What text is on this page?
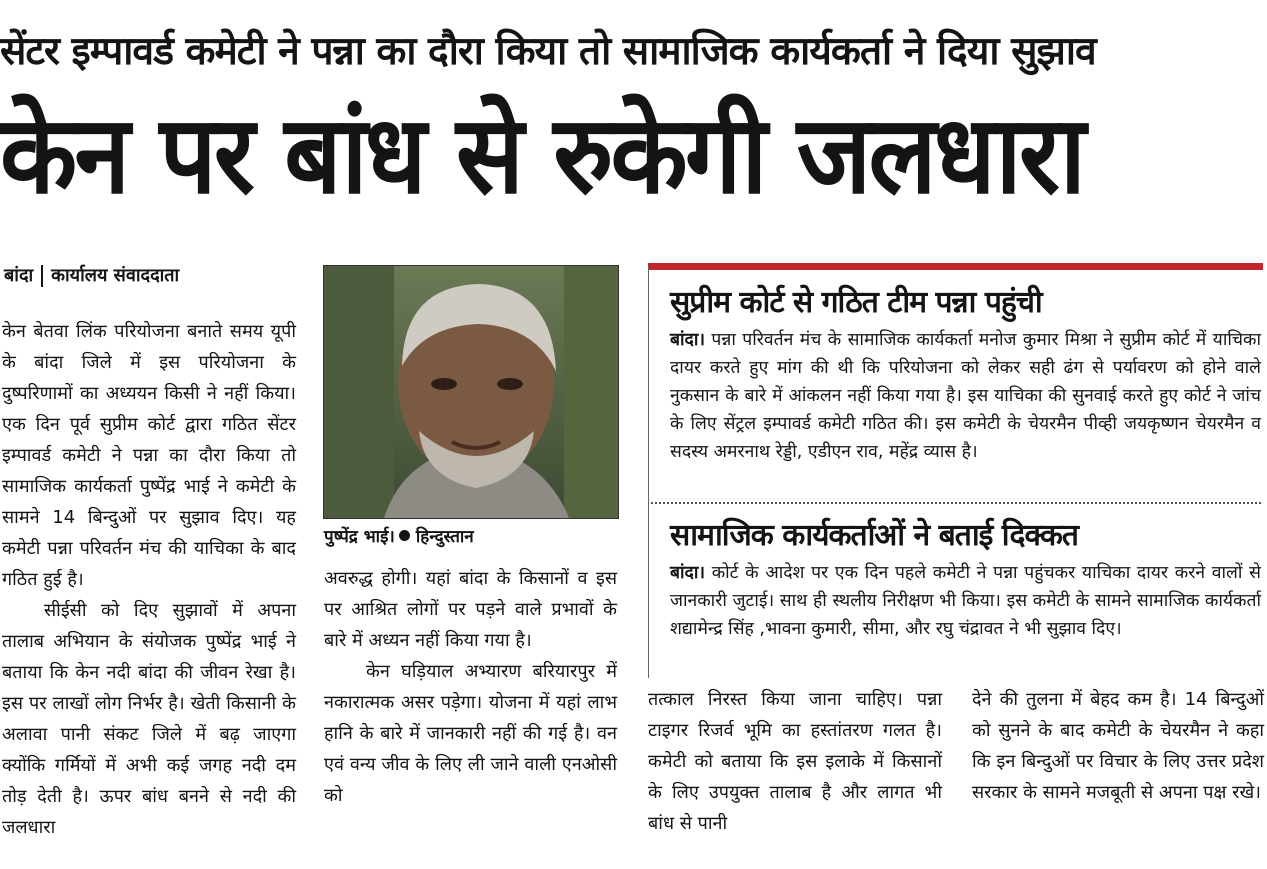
सेंटर इम्पावर्ड कमेटी ने पन्ना का दौरा किया तो सामाजिक कार्यकर्ता ने दिया सुझाव
केन पर बांध से रुकेगी जलधारा
बांदा कार्यालय संवाददाता

केन बेतवा लिंक परियोजना बनाते समय यूपी के बांदा जिले में इस परियोजना के दुष्परिणामों का अध्ययन किसी ने नहीं किया। एक दिन पूर्व सुप्रीम कोर्ट द्वारा गठित सेंटर इम्पावर्ड कमेटी ने पन्ना का दौरा किया तो सामाजिक कार्यकर्ता पुष्पेंद्र भाई ने कमेटी के सामने 14 बिन्दुओं पर सुझाव दिए। यह कमेटी पन्ना परिवर्तन मंच की याचिका के बाद गठित हुई है।

सीईसी को दिए सुझावों में अपना तालाब अभियान के संयोजक पुष्पेंद्र भाई ने बताया कि केन नदी बांदा की जीवन रेखा है। इस पर लाखों लोग निर्भर है। खेती किसानी के अलावा पानी संकट जिले में बढ़ जाएगा क्योंकि गर्मियों में अभी कई जगह नदी दम तोड़ देती है। ऊपर बांध बनने से नदी की जलधारा

पुष्पेंद्र भाई। हिन्दुस्तान

अवरुद्ध होगी। यहां बांदा के किसानों व इस पर आश्रित लोगों पर पड़ने वाले प्रभावों के बारे में अध्यन नहीं किया गया है।

केन घड़ियाल अभ्यारण बरियारपुर में नकारात्मक असर पड़ेगा। योजना में यहां लाभ हानि के बारे में जानकारी नहीं की गई है। वन एवं वन्य जीव के लिए ली जाने वाली एनओसी को

सुप्रीम कोर्ट से गठित टीम पन्ना पहुंची

बांदा। पन्ना परिवर्तन मंच के सामाजिक कार्यकर्ता मनोज कुमार मिश्रा ने सुप्रीम कोर्ट में याचिका दायर करते हुए मांग की थी कि परियोजना को लेकर सही ढंग से पर्यावरण को होने वाले नुकसान के बारे में आंकलन नहीं किया गया है। इस याचिका की सुनवाई करते हुए कोर्ट ने जांच के लिए सेंट्रल इम्पावर्ड कमेटी गठित की। इस कमेटी के चेयरमैन पीव्ही जयकृष्णन चेयरमैन व सदस्य अमरनाथ रेड्डी, एडीएन राव, महेंद्र व्यास है।

सामाजिक कार्यकर्ताओं ने बताई दिक्कत

बांदा। कोर्ट के आदेश पर एक दिन पहले कमेटी ने पन्ना पहुंचकर याचिका दायर करने वालों से जानकारी जुटाई। साथ ही स्थलीय निरीक्षण भी किया। इस कमेटी के सामने सामाजिक कार्यकर्ता शद्यामेन्द्र सिंह ,भावना कुमारी, सीमा, और रघु चंद्रावत ने भी सुझाव दिए।

तत्काल निरस्त किया जाना चाहिए। पन्ना टाइगर रिजर्व भूमि का हस्तांतरण गलत है। कमेटी को बताया कि इस इलाके में किसानों के लिए उपयुक्त तालाब है और लागत भी बांध से पानी

देने की तुलना में बेहद कम है। 14 बिन्दुओं को सुनने के बाद कमेटी के चेयरमैन ने कहा कि इन बिन्दुओं पर विचार के लिए उत्तर प्रदेश सरकार के सामने मजबूती से अपना पक्ष रखे।
